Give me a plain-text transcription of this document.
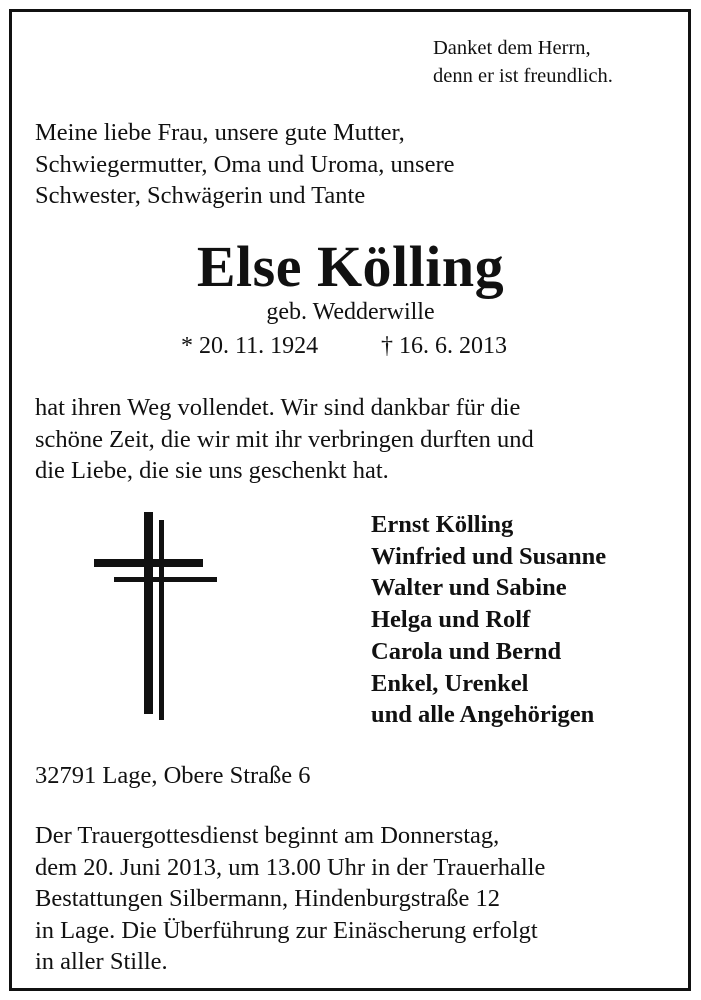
Danket dem Herrn,
denn er ist freundlich.
Meine liebe Frau, unsere gute Mutter,
Schwiegermutter, Oma und Uroma, unsere
Schwester, Schwägerin und Tante
Else Kölling
geb. Wedderwille
* 20. 11. 1924	† 16. 6. 2013
hat ihren Weg vollendet. Wir sind dankbar für die
schöne Zeit, die wir mit ihr verbringen durften und
die Liebe, die sie uns geschenkt hat.
Ernst Kölling
Winfried und Susanne
Walter und Sabine
Helga und Rolf
Carola und Bernd
Enkel, Urenkel
und alle Angehörigen
32791 Lage, Obere Straße 6
Der Trauergottesdienst beginnt am Donnerstag,
dem 20. Juni 2013, um 13.00 Uhr in der Trauerhalle
Bestattungen Silbermann, Hindenburgstraße 12
in Lage. Die Überführung zur Einäscherung erfolgt
in aller Stille.
